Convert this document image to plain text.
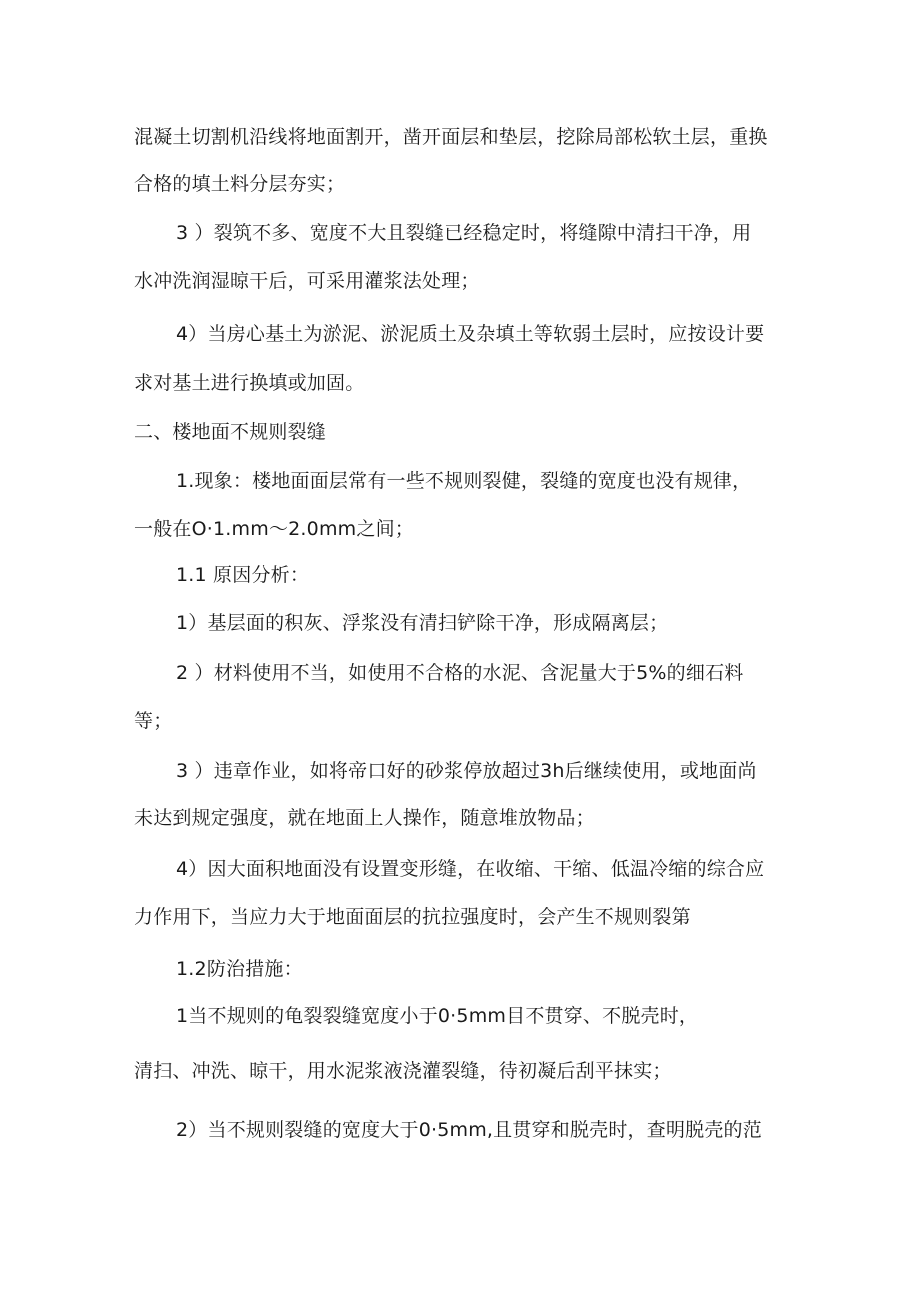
混凝土切割机沿线将地面割开，凿开面层和垫层，挖除局部松软土层，重换
合格的填土料分层夯实；
3 ）裂筑不多、宽度不大且裂缝已经稳定时，将缝隙中清扫干净，用
水冲洗润湿晾干后，可采用灌浆法处理；
4）当房心基土为淤泥、淤泥质土及杂填土等软弱土层时，应按设计要
求对基土进行换填或加固。
二、楼地面不规则裂缝
1.现象：楼地面面层常有一些不规则裂健，裂缝的宽度也没有规律，
一般在O·1.mm～2.0mm之间；
1.1 原因分析：
1）基层面的积灰、浮浆没有清扫铲除干净，形成隔离层；
2 ）材料使用不当，如使用不合格的水泥、含泥量大于5%的细石料
等；
3 ）违章作业，如将帝口好的砂浆停放超过3h后继续使用，或地面尚
未达到规定强度，就在地面上人操作，随意堆放物品；
4）因大面积地面没有设置变形缝，在收缩、干缩、低温冷缩的综合应
力作用下，当应力大于地面面层的抗拉强度时，会产生不规则裂第
1.2防治措施：
1当不规则的龟裂裂缝宽度小于0·5mm目不贯穿、不脱壳时，
清扫、冲洗、晾干，用水泥浆液浇灌裂缝，待初凝后刮平抹实；
2）当不规则裂缝的宽度大于0·5mm,且贯穿和脱壳时，查明脱壳的范
